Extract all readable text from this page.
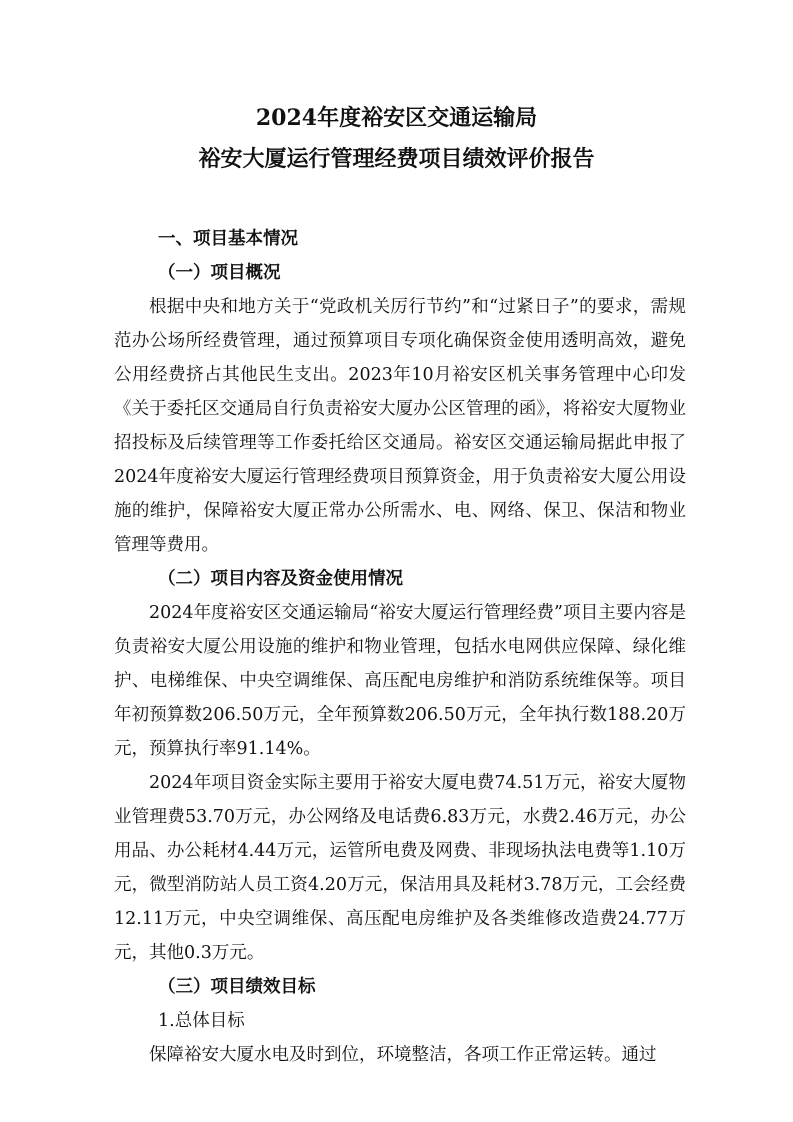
2024年度裕安区交通运输局
裕安大厦运行管理经费项目绩效评价报告
一、项目基本情况
（一）项目概况

根据中央和地方关于“党政机关厉行节约”和“过紧日子”的要求，需规范办公场所经费管理，通过预算项目专项化确保资金使用透明高效，避免公用经费挤占其他民生支出。2023年10月裕安区机关事务管理中心印发《关于委托区交通局自行负责裕安大厦办公区管理的函》，将裕安大厦物业招投标及后续管理等工作委托给区交通局。裕安区交通运输局据此申报了2024年度裕安大厦运行管理经费项目预算资金，用于负责裕安大厦公用设施的维护，保障裕安大厦正常办公所需水、电、网络、保卫、保洁和物业管理等费用。

（二）项目内容及资金使用情况

2024年度裕安区交通运输局“裕安大厦运行管理经费”项目主要内容是负责裕安大厦公用设施的维护和物业管理，包括水电网供应保障、绿化维护、电梯维保、中央空调维保、高压配电房维护和消防系统维保等。项目年初预算数206.50万元，全年预算数206.50万元，全年执行数188.20万元，预算执行率91.14%。

2024年项目资金实际主要用于裕安大厦电费74.51万元，裕安大厦物业管理费53.70万元，办公网络及电话费6.83万元，水费2.46万元，办公用品、办公耗材4.44万元，运管所电费及网费、非现场执法电费等1.10万元，微型消防站人员工资4.20万元，保洁用具及耗材3.78万元，工会经费12.11万元，中央空调维保、高压配电房维护及各类维修改造费24.77万元，其他0.3万元。

（三）项目绩效目标
1.总体目标

保障裕安大厦水电及时到位，环境整洁，各项工作正常运转。通过
